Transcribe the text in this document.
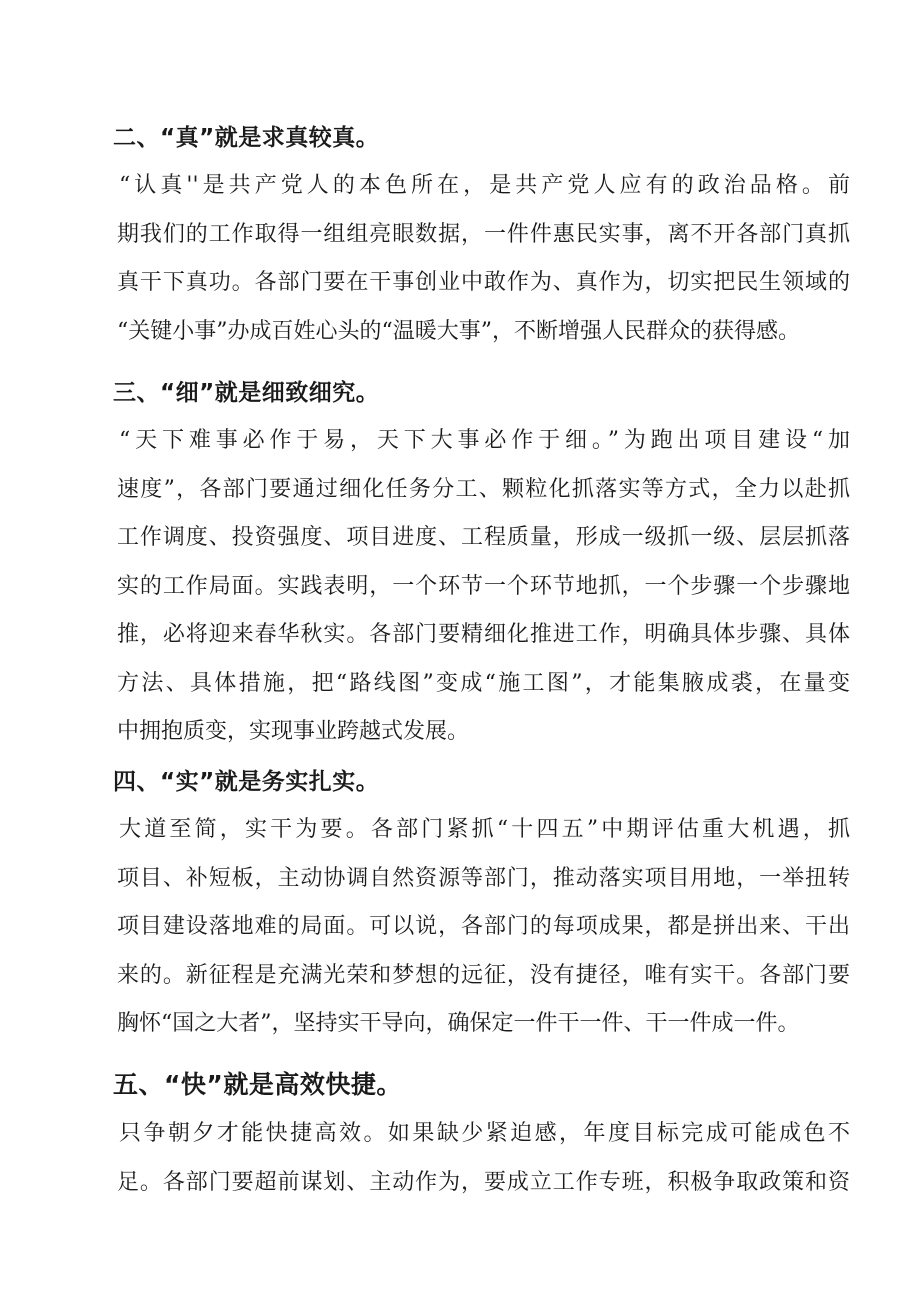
二、“真”就是求真较真。
“认真''是共产党人的本色所在，是共产党人应有的政治品格。前
期我们的工作取得一组组亮眼数据，一件件惠民实事，离不开各部门真抓
真干下真功。各部门要在干事创业中敢作为、真作为，切实把民生领域的
“关键小事”办成百姓心头的“温暖大事”，不断增强人民群众的获得感。
三、“细”就是细致细究。
“天下难事必作于易，天下大事必作于细。”为跑出项目建设“加
速度”，各部门要通过细化任务分工、颗粒化抓落实等方式，全力以赴抓
工作调度、投资强度、项目进度、工程质量，形成一级抓一级、层层抓落
实的工作局面。实践表明，一个环节一个环节地抓，一个步骤一个步骤地
推，必将迎来春华秋实。各部门要精细化推进工作，明确具体步骤、具体
方法、具体措施，把“路线图”变成“施工图”，才能集腋成裘，在量变
中拥抱质变，实现事业跨越式发展。
四、“实”就是务实扎实。
大道至简，实干为要。各部门紧抓“十四五”中期评估重大机遇，抓
项目、补短板，主动协调自然资源等部门，推动落实项目用地，一举扭转
项目建设落地难的局面。可以说，各部门的每项成果，都是拼出来、干出
来的。新征程是充满光荣和梦想的远征，没有捷径，唯有实干。各部门要
胸怀“国之大者”，坚持实干导向，确保定一件干一件、干一件成一件。
五、“快”就是高效快捷。
只争朝夕才能快捷高效。如果缺少紧迫感，年度目标完成可能成色不
足。各部门要超前谋划、主动作为，要成立工作专班，积极争取政策和资
